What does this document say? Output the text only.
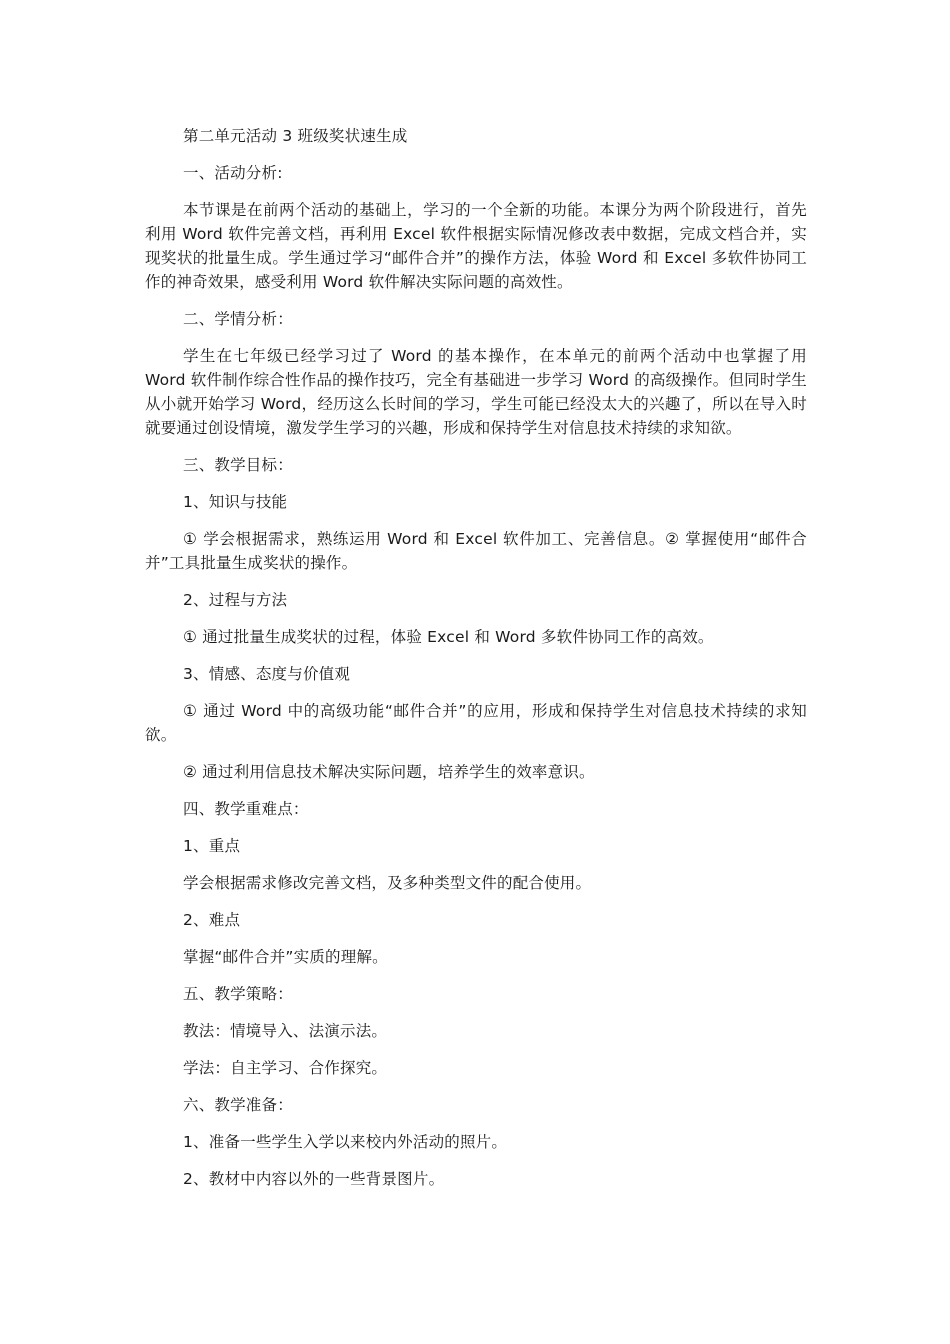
第二单元活动 3 班级奖状速生成

一、活动分析:

本节课是在前两个活动的基础上，学习的一个全新的功能。本课分为两个阶段进行，首先利用 Word 软件完善文档，再利用 Excel 软件根据实际情况修改表中数据，完成文档合并，实现奖状的批量生成。学生通过学习“邮件合并”的操作方法，体验 Word 和 Excel 多软件协同工作的神奇效果，感受利用 Word 软件解决实际问题的高效性。

二、学情分析：

学生在七年级已经学习过了 Word 的基本操作，在本单元的前两个活动中也掌握了用 Word 软件制作综合性作品的操作技巧，完全有基础进一步学习 Word 的高级操作。但同时学生从小就开始学习 Word，经历这么长时间的学习，学生可能已经没太大的兴趣了，所以在导入时就要通过创设情境，激发学生学习的兴趣，形成和保持学生对信息技术持续的求知欲。

三、教学目标：

1、知识与技能

① 学会根据需求，熟练运用 Word 和 Excel 软件加工、完善信息。② 掌握使用“邮件合并”工具批量生成奖状的操作。

2、过程与方法

① 通过批量生成奖状的过程，体验 Excel 和 Word 多软件协同工作的高效。

3、情感、态度与价值观

① 通过 Word 中的高级功能“邮件合并”的应用，形成和保持学生对信息技术持续的求知欲。

② 通过利用信息技术解决实际问题，培养学生的效率意识。

四、教学重难点：

1、重点

学会根据需求修改完善文档，及多种类型文件的配合使用。

2、难点

掌握“邮件合并”实质的理解。

五、教学策略：

教法：情境导入、法演示法。

学法：自主学习、合作探究。

六、教学准备：

1、准备一些学生入学以来校内外活动的照片。

2、教材中内容以外的一些背景图片。
